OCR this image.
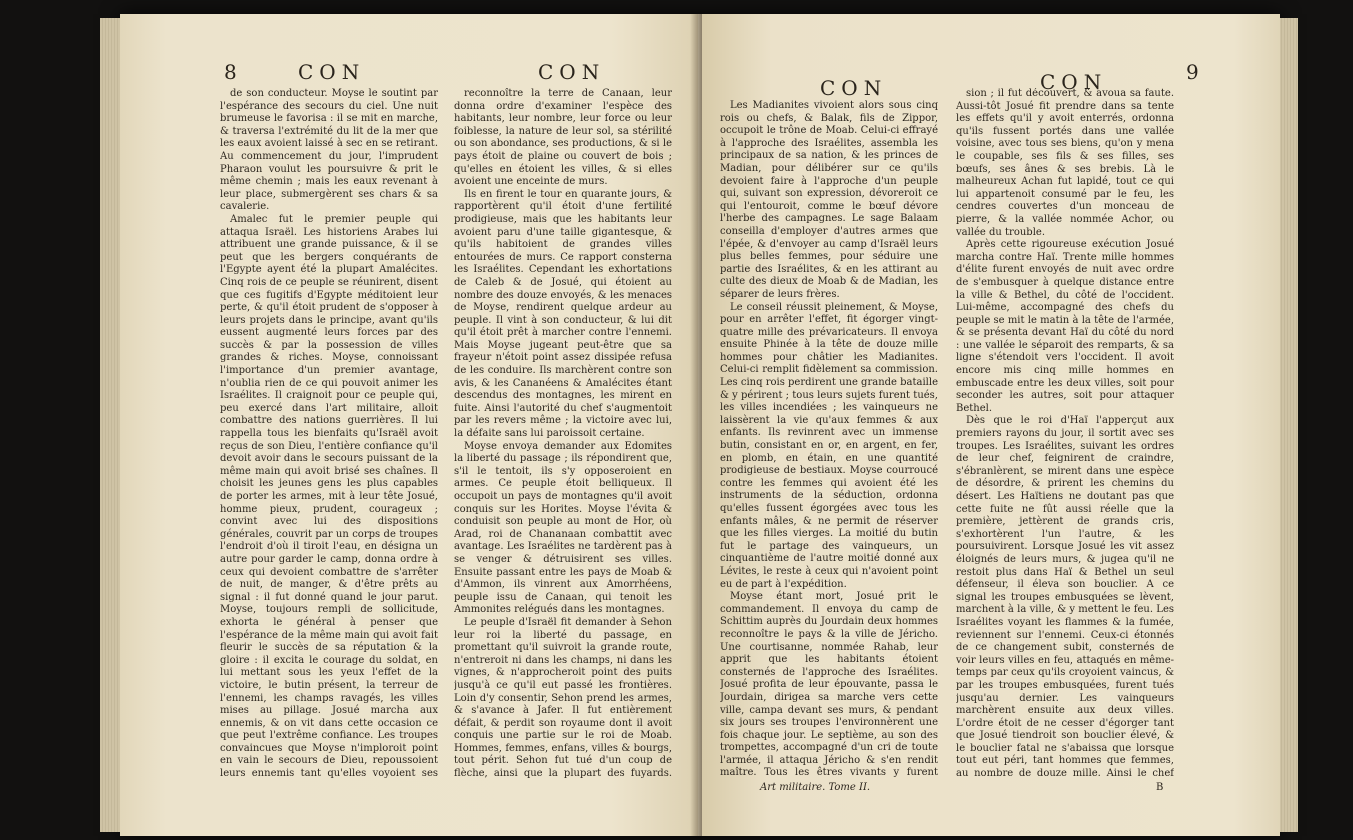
8	CON	CON

de son conducteur. Moyse le soutint par l'espérance des secours du ciel. Une nuit brumeuse le favorisa : il se mit en marche, & traversa l'extrémité du lit de la mer que les eaux avoient laissé à sec en se retirant. Au commencement du jour, l'imprudent Pharaon voulut les poursuivre & prit le même chemin ; mais les eaux revenant à leur place, submergèrent ses chars & sa cavalerie.

Amalec fut le premier peuple qui attaqua Israël. Les historiens Arabes lui attribuent une grande puissance, & il se peut que les bergers conquérants de l'Egypte ayent été la plupart Amalécites. Cinq rois de ce peuple se réunirent, disent que ces fugitifs d'Egypte méditoient leur perte, & qu'il étoit prudent de s'opposer à leurs projets dans le principe, avant qu'ils eussent augmenté leurs forces par des succès & par la possession de villes grandes & riches. Moyse, connoissant l'importance d'un premier avantage, n'oublia rien de ce qui pouvoit animer les Israélites. Il craignoit pour ce peuple qui, peu exercé dans l'art militaire, alloit combattre des nations guerrières. Il lui rappella tous les bienfaits qu'Israël avoit reçus de son Dieu, l'entière confiance qu'il devoit avoir dans le secours puissant de la même main qui avoit brisé ses chaînes. Il choisit les jeunes gens les plus capables de porter les armes, mit à leur tête Josué, homme pieux, prudent, courageux ; convint avec lui des dispositions générales, couvrit par un corps de troupes l'endroit d'où il tiroit l'eau, en désigna un autre pour garder le camp, donna ordre à ceux qui devoient combattre de s'arrêter de nuit, de manger, & d'être prêts au signal : il fut donné quand le jour parut. Moyse, toujours rempli de sollicitude, exhorta le général à penser que l'espérance de la même main qui avoit fait fleurir le succès de sa réputation & la gloire : il excita le courage du soldat, en lui mettant sous les yeux l'effet de la victoire, le butin présent, la terreur de l'ennemi, les champs ravagés, les villes mises au pillage. Josué marcha aux ennemis, & on vit dans cette occasion ce que peut l'extrême confiance. Les troupes convaincues que Moyse n'imploroit point en vain le secours de Dieu, repoussoient leurs ennemis tant qu'elles voyoient ses

reconnoître la terre de Canaan, leur donna ordre d'examiner l'espèce des habitants, leur nombre, leur force ou leur foiblesse, la nature de leur sol, sa stérilité ou son abondance, ses productions, & si le pays étoit de plaine ou couvert de bois ; qu'elles en étoient les villes, & si elles avoient une enceinte de murs.

Ils en firent le tour en quarante jours, & rapportèrent qu'il étoit d'une fertilité prodigieuse, mais que les habitants leur avoient paru d'une taille gigantesque, & qu'ils habitoient de grandes villes entourées de murs. Ce rapport consterna les Israélites. Cependant les exhortations de Caleb & de Josué, qui étoient au nombre des douze envoyés, & les menaces de Moyse, rendirent quelque ardeur au peuple. Il vint à son conducteur, & lui dit qu'il étoit prêt à marcher contre l'ennemi. Mais Moyse jugeant peut-être que sa frayeur n'étoit point assez dissipée refusa de les conduire. Ils marchèrent contre son avis, & les Cananéens & Amalécites étant descendus des montagnes, les mirent en fuite. Ainsi l'autorité du chef s'augmentoit par les revers même ; la victoire avec lui, la défaite sans lui paroissoit certaine.

Moyse envoya demander aux Edomites la liberté du passage ; ils répondirent que, s'il le tentoit, ils s'y opposeroient en armes. Ce peuple étoit belliqueux. Il occupoit un pays de montagnes qu'il avoit conquis sur les Horites. Moyse l'évita & conduisit son peuple au mont de Hor, où Arad, roi de Chananaan combattit avec avantage. Les Israélites ne tardèrent pas à se venger & détruisirent ses villes. Ensuite passant entre les pays de Moab & d'Ammon, ils vinrent aux Amorrhéens, peuple issu de Canaan, qui tenoit les Ammonites relégués dans les montagnes.

Le peuple d'Israël fit demander à Sehon leur roi la liberté du passage, en promettant qu'il suivroit la grande route, n'entreroit ni dans les champs, ni dans les vignes, & n'approcheroit point des puits jusqu'à ce qu'il eut passé les frontières. Loin d'y consentir, Sehon prend les armes, & s'avance à Jafer. Il fut entièrement défait, & perdit son royaume dont il avoit conquis une partie sur le roi de Moab. Hommes, femmes, enfans, villes & bourgs, tout périt. Sehon fut tué d'un coup de flèche, ainsi que la plupart des fuyards.

CON	CON	9

Les Madianites vivoient alors sous cinq rois ou chefs, & Balak, fils de Zippor, occupoit le trône de Moab. Celui-ci effrayé à l'approche des Israélites, assembla les principaux de sa nation, & les princes de Madian, pour délibérer sur ce qu'ils devoient faire à l'approche d'un peuple qui, suivant son expression, dévoreroit ce qui l'entouroit, comme le bœuf dévore l'herbe des campagnes. Le sage Balaam conseilla d'employer d'autres armes que l'épée, & d'envoyer au camp d'Israël leurs plus belles femmes, pour séduire une partie des Israélites, & en les attirant au culte des dieux de Moab & de Madian, les séparer de leurs frères.

Le conseil réussit pleinement, & Moyse, pour en arrêter l'effet, fit égorger vingt-quatre mille des prévaricateurs. Il envoya ensuite Phinée à la tête de douze mille hommes pour châtier les Madianites. Celui-ci remplit fidèlement sa commission. Les cinq rois perdirent une grande bataille & y périrent ; tous leurs sujets furent tués, les villes incendiées ; les vainqueurs ne laissèrent la vie qu'aux femmes & aux enfants. Ils revinrent avec un immense butin, consistant en or, en argent, en fer, en plomb, en étain, en une quantité prodigieuse de bestiaux. Moyse courroucé contre les femmes qui avoient été les instruments de la séduction, ordonna qu'elles fussent égorgées avec tous les enfants mâles, & ne permit de réserver que les filles vierges. La moitié du butin fut le partage des vainqueurs, un cinquantième de l'autre moitié donné aux Lévites, le reste à ceux qui n'avoient point eu de part à l'expédition.

Moyse étant mort, Josué prit le commandement. Il envoya du camp de Schittim auprès du Jourdain deux hommes reconnoître le pays & la ville de Jéricho. Une courtisanne, nommée Rahab, leur apprit que les habitants étoient consternés de l'approche des Israélites. Josué profita de leur épouvante, passa le Jourdain, dirigea sa marche vers cette ville, campa devant ses murs, & pendant six jours ses troupes l'environnèrent une fois chaque jour. Le septième, au son des trompettes, accompagné d'un cri de toute l'armée, il attaqua Jéricho & s'en rendit maître. Tous les êtres vivants y furent

sion ; il fut découvert, & avoua sa faute. Aussi-tôt Josué fit prendre dans sa tente les effets qu'il y avoit enterrés, ordonna qu'ils fussent portés dans une vallée voisine, avec tous ses biens, qu'on y mena le coupable, ses fils & ses filles, ses bœufs, ses ânes & ses brebis. Là le malheureux Achan fut lapidé, tout ce qui lui appartenoit consumé par le feu, les cendres couvertes d'un monceau de pierre, & la vallée nommée Achor, ou vallée du trouble.

Après cette rigoureuse exécution Josué marcha contre Haï. Trente mille hommes d'élite furent envoyés de nuit avec ordre de s'embusquer à quelque distance entre la ville & Bethel, du côté de l'occident. Lui-même, accompagné des chefs du peuple se mit le matin à la tête de l'armée, & se présenta devant Haï du côté du nord : une vallée le séparoit des remparts, & sa ligne s'étendoit vers l'occident. Il avoit encore mis cinq mille hommes en embuscade entre les deux villes, soit pour seconder les autres, soit pour attaquer Bethel.

Dès que le roi d'Haï l'apperçut aux premiers rayons du jour, il sortit avec ses troupes. Les Israélites, suivant les ordres de leur chef, feignirent de craindre, s'ébranlèrent, se mirent dans une espèce de désordre, & prirent les chemins du désert. Les Haïtiens ne doutant pas que cette fuite ne fût aussi réelle que la première, jettèrent de grands cris, s'exhortèrent l'un l'autre, & les poursuivirent. Lorsque Josué les vit assez éloignés de leurs murs, & jugea qu'il ne restoit plus dans Haï & Bethel un seul défenseur, il éleva son bouclier. A ce signal les troupes embusquées se lèvent, marchent à la ville, & y mettent le feu. Les Israélites voyant les flammes & la fumée, reviennent sur l'ennemi. Ceux-ci étonnés de ce changement subit, consternés de voir leurs villes en feu, attaqués en même-temps par ceux qu'ils croyoient vaincus, & par les troupes embusquées, furent tués jusqu'au dernier. Les vainqueurs marchèrent ensuite aux deux villes. L'ordre étoit de ne cesser d'égorger tant que Josué tiendroit son bouclier élevé, & le bouclier fatal ne s'abaissa que lorsque tout eut péri, tant hommes que femmes, au nombre de douze mille. Ainsi le chef

Art militaire. Tome II.	B
